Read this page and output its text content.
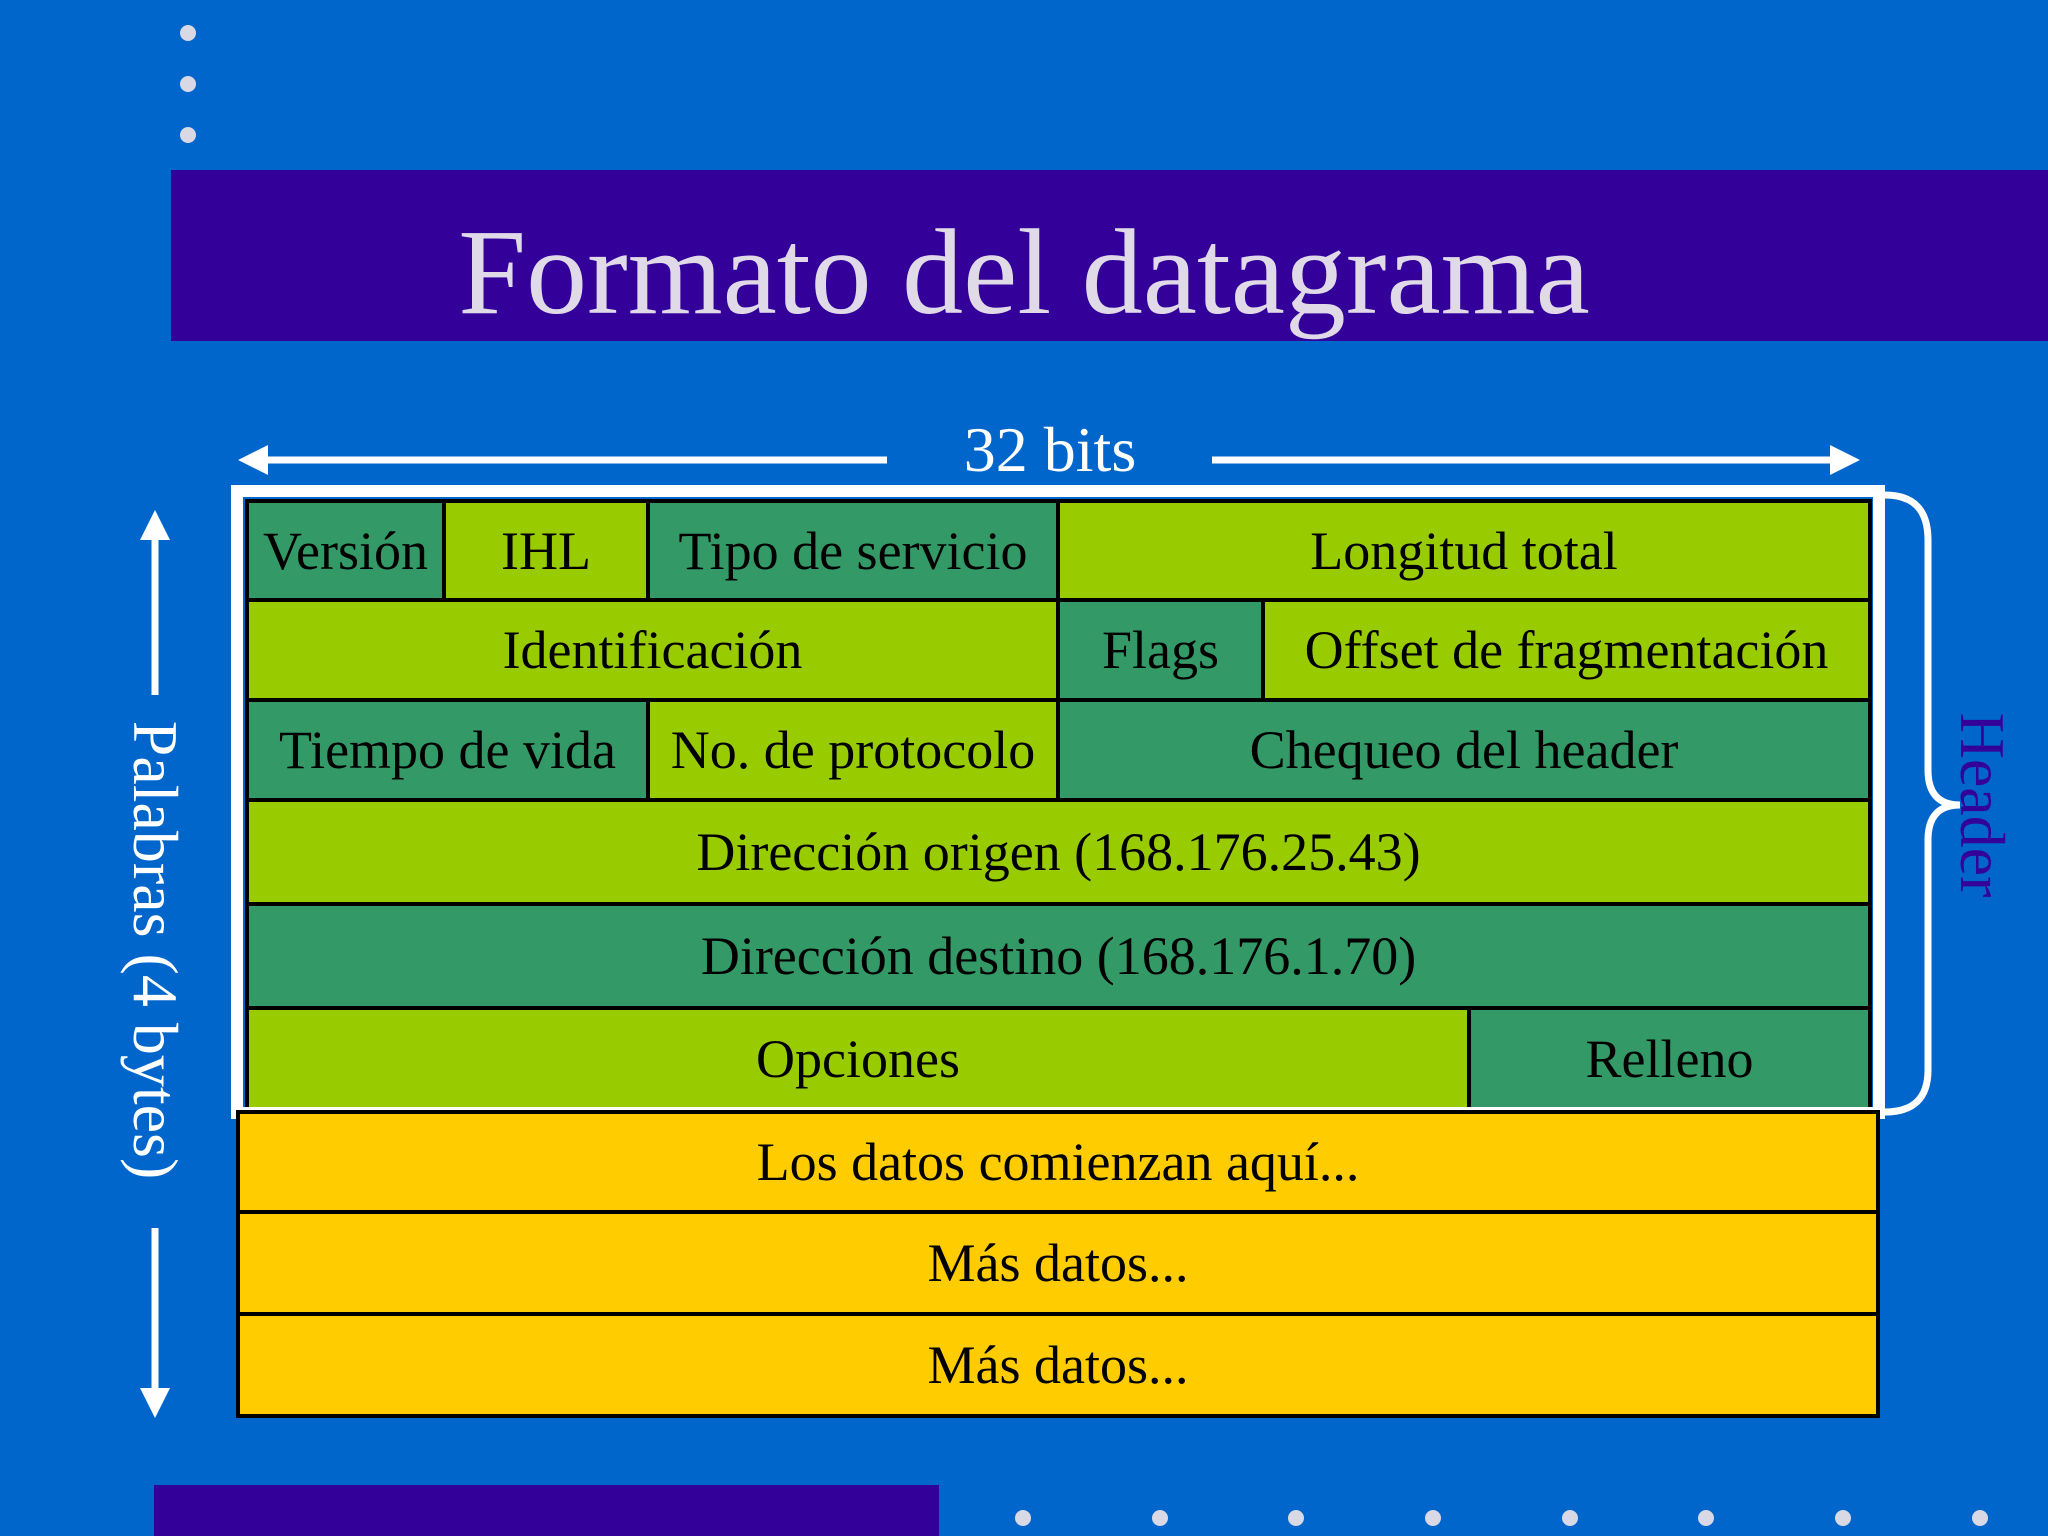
Formato del datagrama
32 bits
Palabras (4 bytes)	Header
Versión	IHL	Tipo de servicio	Longitud total
Identificación	Flags	Offset de fragmentación
Tiempo de vida	No. de protocolo	Chequeo del header
Dirección origen (168.176.25.43)
Dirección destino (168.176.1.70)
Opciones	Relleno
Los datos comienzan aquí...
Más datos...
Más datos...
